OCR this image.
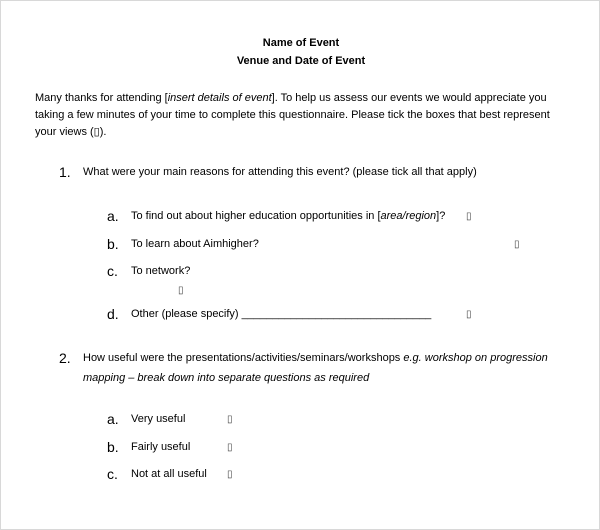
Name of Event
Venue and Date of Event
Many thanks for attending [insert details of event]. To help us assess our events we would appreciate you
taking a few minutes of your time to complete this questionnaire. Please tick the boxes that best represent
your views (▯).
1. What were your main reasons for attending this event? (please tick all that apply)
a. To find out about higher education opportunities in [area/region]? ▯
b. To learn about Aimhigher?	▯
c. To network?
▯
d. Other (please specify) _______________________________	▯
2. How useful were the presentations/activities/seminars/workshops e.g. workshop on progression
mapping – break down into separate questions as required
a. Very useful	▯
b. Fairly useful	▯
c. Not at all useful ▯
